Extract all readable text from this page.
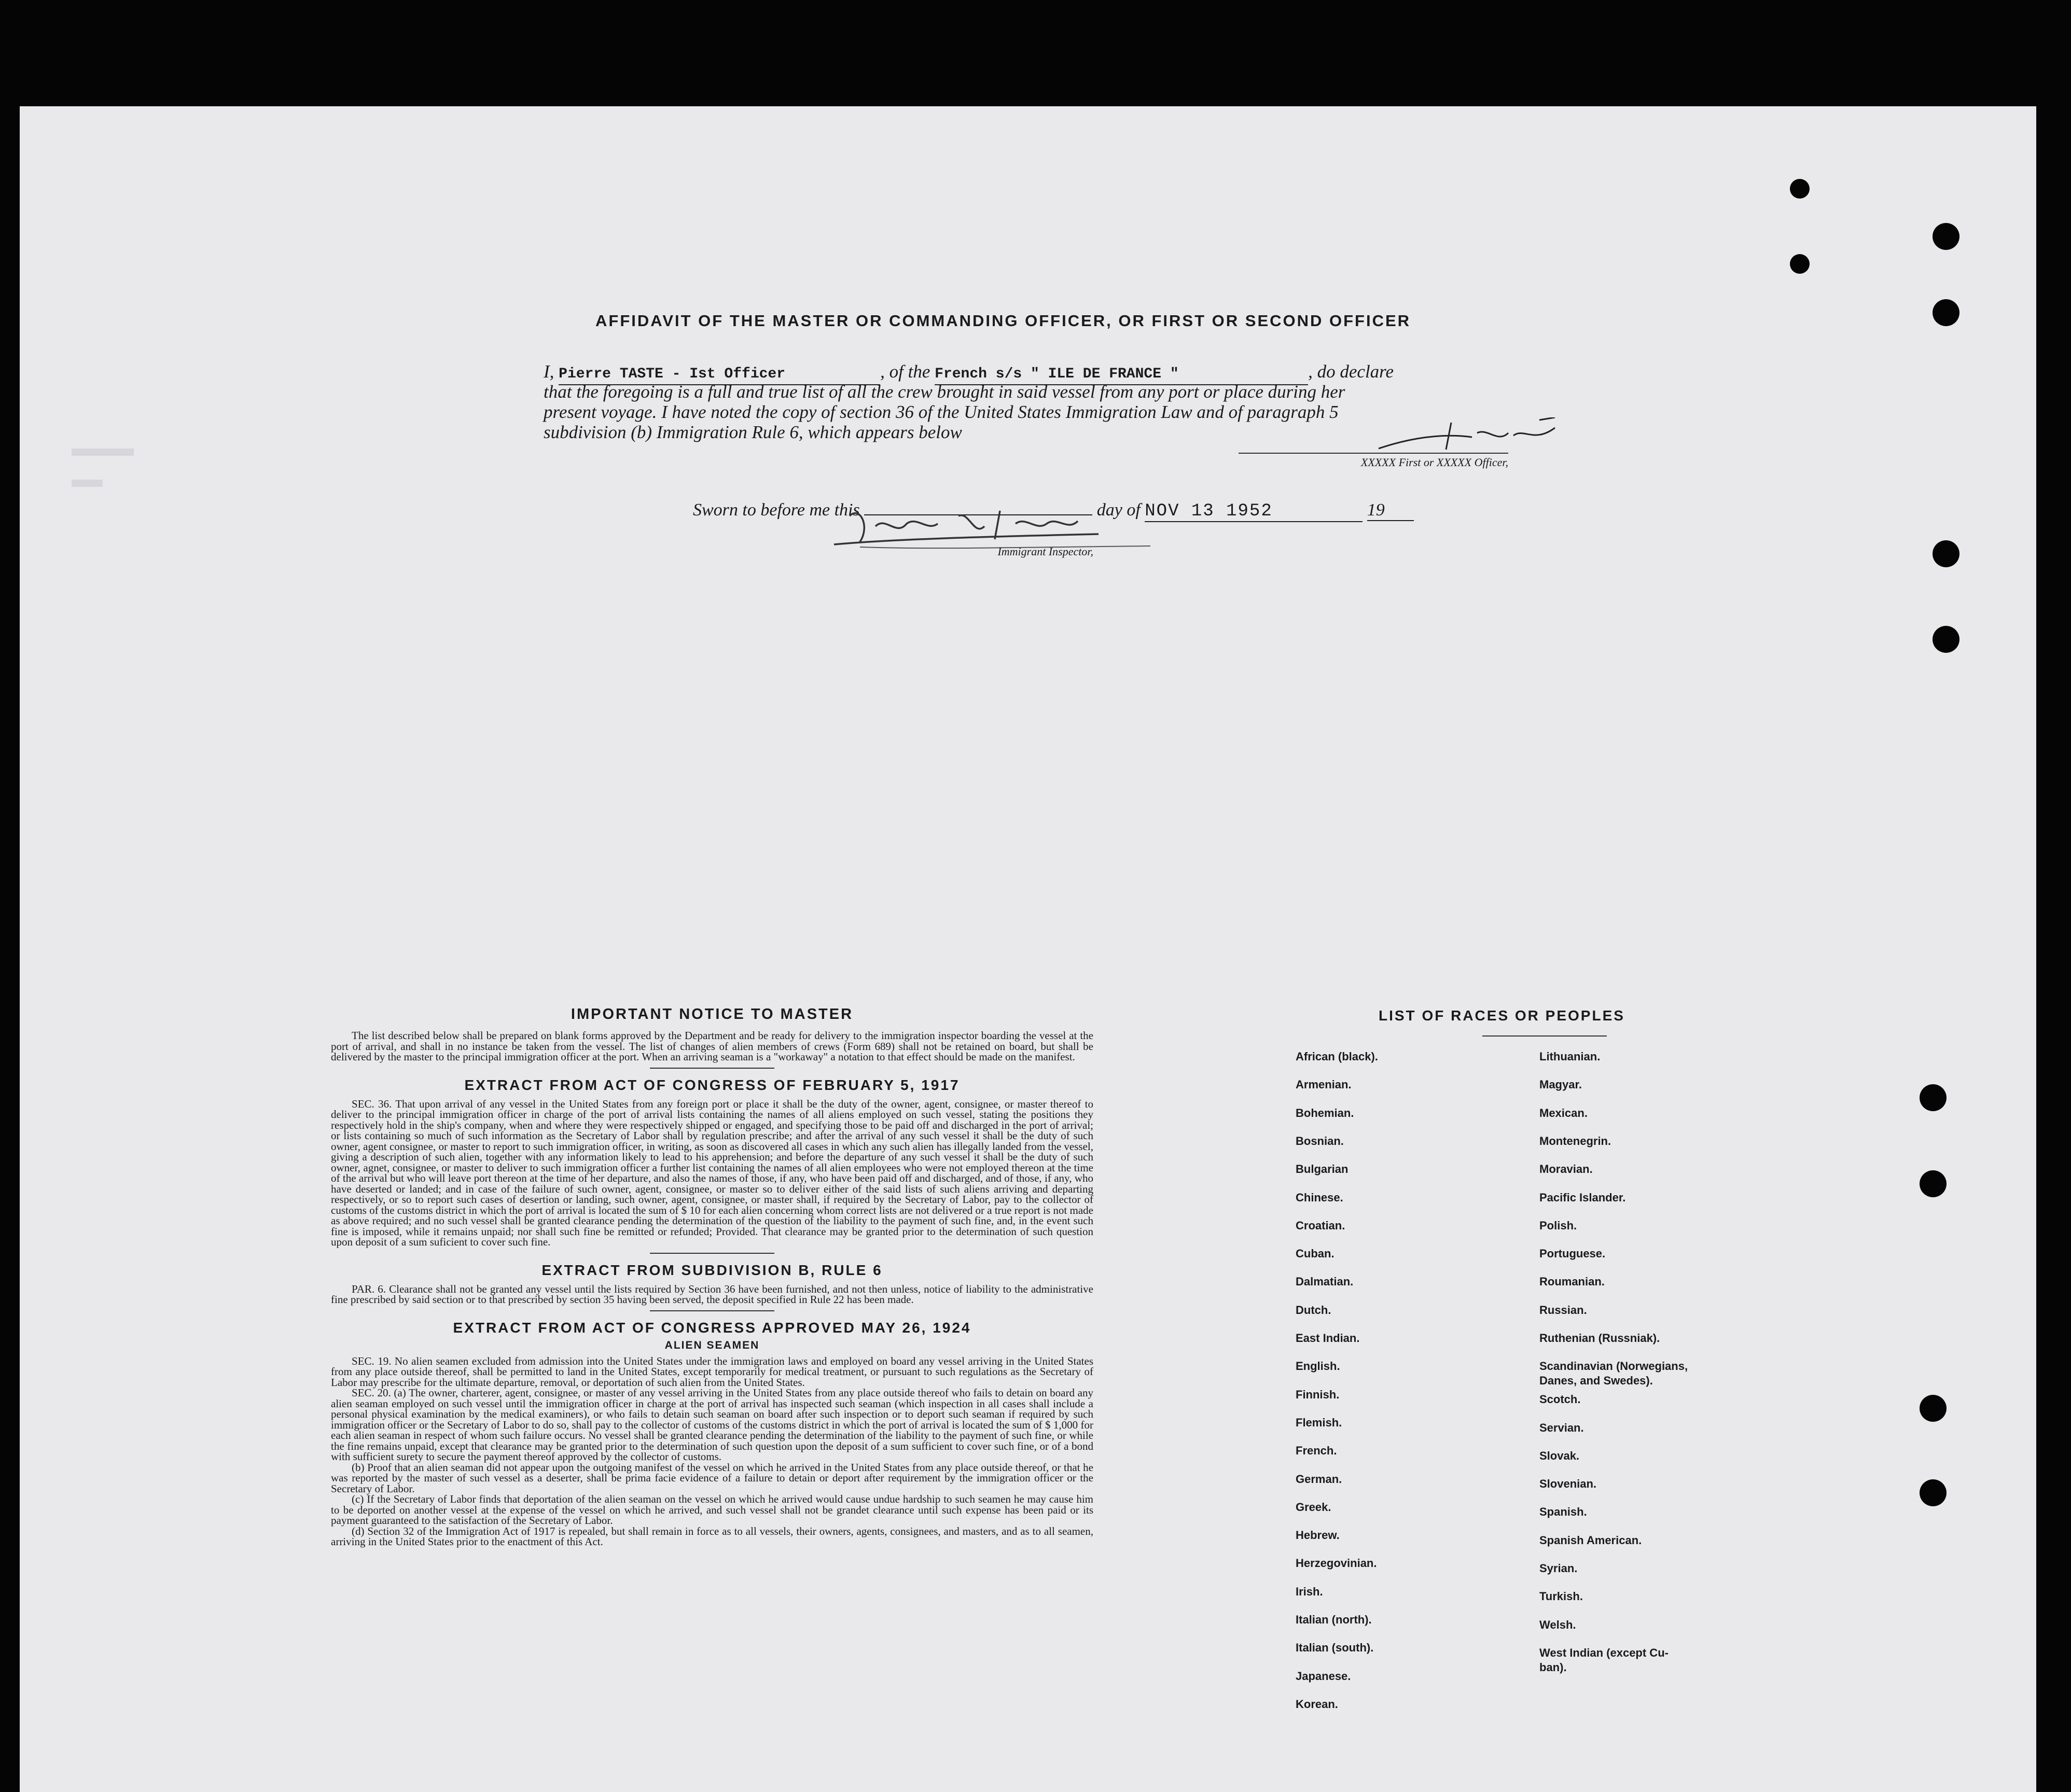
AFFIDAVIT OF THE MASTER OR COMMANDING OFFICER, OR FIRST OR SECOND OFFICER
I, Pierre TASTE - Ist Officer	, of the French s/s " ILE DE FRANCE "	, do declare
that the foregoing is a full and true list of all the crew brought in said vessel from any port or place during her
present voyage. I have noted the copy of section 36 of the United States Immigration Law and of paragraph 5
subdivision (b) Immigration Rule 6, which appears below
XXXXX First or XXXXX Officer,
Sworn to before me this	day of NOV 13 1952	19
Immigrant Inspector,
IMPORTANT NOTICE TO MASTER

The list described below shall be prepared on blank forms approved by the Department and be ready for delivery to the immigration inspector boarding the vessel at the port of arrival, and shall in no instance be taken from the vessel. The list of changes of alien members of crews (Form 689) shall not be retained on board, but shall be delivered by the master to the principal immigration officer at the port. When an arriving seaman is a "workaway" a notation to that effect should be made on the manifest.

EXTRACT FROM ACT OF CONGRESS OF FEBRUARY 5, 1917

SEC. 36. That upon arrival of any vessel in the United States from any foreign port or place it shall be the duty of the owner, agent, consignee, or master thereof to deliver to the principal immigration officer in charge of the port of arrival lists containing the names of all aliens employed on such vessel, stating the positions they respectively hold in the ship's company, when and where they were respectively shipped or engaged, and specifying those to be paid off and discharged in the port of arrival; or lists containing so much of such information as the Secretary of Labor shall by regulation prescribe; and after the arrival of any such vessel it shall be the duty of such owner, agent consignee, or master to report to such immigration officer, in writing, as soon as discovered all cases in which any such alien has illegally landed from the vessel, giving a description of such alien, together with any information likely to lead to his apprehension; and before the departure of any such vessel it shall be the duty of such owner, agnet, consignee, or master to deliver to such immigration officer a further list containing the names of all alien employees who were not employed thereon at the time of the arrival but who will leave port thereon at the time of her departure, and also the names of those, if any, who have been paid off and discharged, and of those, if any, who have deserted or landed; and in case of the failure of such owner, agent, consignee, or master so to deliver either of the said lists of such aliens arriving and departing respectively, or so to report such cases of desertion or landing, such owner, agent, consignee, or master shall, if required by the Secretary of Labor, pay to the collector of customs of the customs district in which the port of arrival is located the sum of $ 10 for each alien concerning whom correct lists are not delivered or a true report is not made as above required; and no such vessel shall be granted clearance pending the determination of the question of the liability to the payment of such fine, and, in the event such fine is imposed, while it remains unpaid; nor shall such fine be remitted or refunded; Provided. That clearance may be granted prior to the determination of such question upon deposit of a sum suficient to cover such fine.

EXTRACT FROM SUBDIVISION B, RULE 6

PAR. 6. Clearance shall not be granted any vessel until the lists required by Section 36 have been furnished, and not then unless, notice of liability to the administrative fine prescribed by said section or to that prescribed by section 35 having been served, the deposit specified in Rule 22 has been made.

EXTRACT FROM ACT OF CONGRESS APPROVED MAY 26, 1924
ALIEN SEAMEN

SEC. 19. No alien seamen excluded from admission into the United States under the immigration laws and employed on board any vessel arriving in the United States from any place outside thereof, shall be permitted to land in the United States, except temporarily for medical treatment, or pursuant to such regulations as the Secretary of Labor may prescribe for the ultimate departure, removal, or deportation of such alien from the United States.

SEC. 20. (a) The owner, charterer, agent, consignee, or master of any vessel arriving in the United States from any place outside thereof who fails to detain on board any alien seaman employed on such vessel until the immigration officer in charge at the port of arrival has inspected such seaman (which inspection in all cases shall include a personal physical examination by the medical examiners), or who fails to detain such seaman on board after such inspection or to deport such seaman if required by such immigration officer or the Secretary of Labor to do so, shall pay to the collector of customs of the customs district in which the port of arrival is located the sum of $ 1,000 for each alien seaman in respect of whom such failure occurs. No vessel shall be granted clearance pending the determination of the liability to the payment of such fine, or while the fine remains unpaid, except that clearance may be granted prior to the determination of such question upon the deposit of a sum sufficient to cover such fine, or of a bond with sufficient surety to secure the payment thereof approved by the collector of customs.

(b) Proof that an alien seaman did not appear upon the outgoing manifest of the vessel on which he arrived in the United States from any place outside thereof, or that he was reported by the master of such vessel as a deserter, shall be prima facie evidence of a failure to detain or deport after requirement by the immigration officer or the Secretary of Labor.

(c) If the Secretary of Labor finds that deportation of the alien seaman on the vessel on which he arrived would cause undue hardship to such seamen he may cause him to be deported on another vessel at the expense of the vessel on which he arrived, and such vessel shall not be grandet clearance until such expense has been paid or its payment guaranteed to the satisfaction of the Secretary of Labor.

(d) Section 32 of the Immigration Act of 1917 is repealed, but shall remain in force as to all vessels, their owners, agents, consignees, and masters, and as to all seamen, arriving in the United States prior to the enactment of this Act.

LIST OF RACES OR PEOPLES
African (black).
Armenian.
Bohemian.
Bosnian.
Bulgarian
Chinese.
Croatian.
Cuban.
Dalmatian.
Dutch.
East Indian.
English.
Finnish.
Flemish.
French.
German.
Greek.
Hebrew.
Herzegovinian.
Irish.
Italian (north).
Italian (south).
Japanese.
Korean.
Lithuanian.
Magyar.
Mexican.
Montenegrin.
Moravian.
Pacific Islander.
Polish.
Portuguese.
Roumanian.
Russian.
Ruthenian (Russniak).
Scandinavian (Norwegians,
Danes, and Swedes).
Scotch.
Servian.
Slovak.
Slovenian.
Spanish.
Spanish American.
Syrian.
Turkish.
Welsh.
West Indian (except Cu-
ban).
